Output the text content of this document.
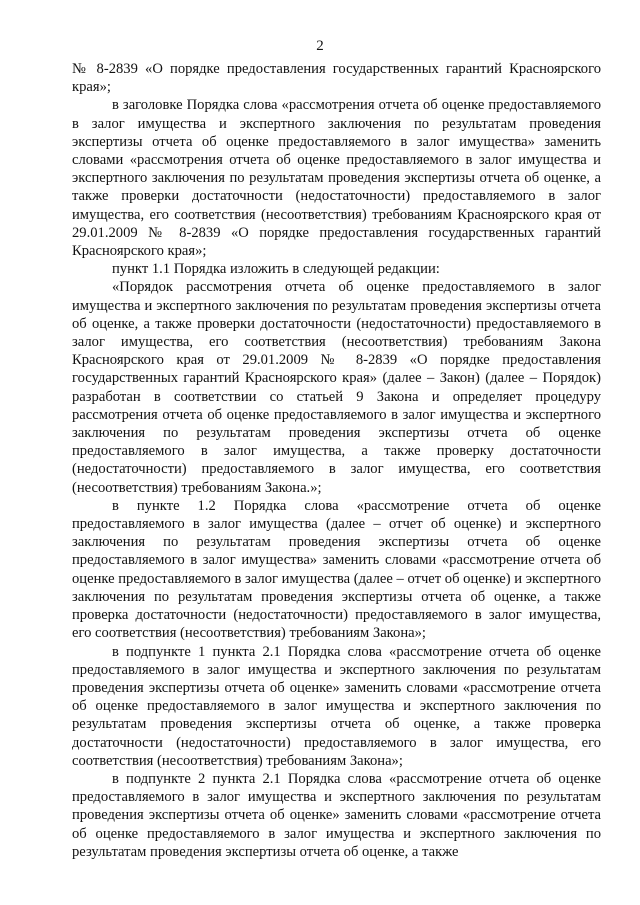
2

№ 8-2839 «О порядке предоставления государственных гарантий Красноярского края»;

в заголовке Порядка слова «рассмотрения отчета об оценке предоставляемого в залог имущества и экспертного заключения по результатам проведения экспертизы отчета об оценке предоставляемого в залог имущества» заменить словами «рассмотрения отчета об оценке предоставляемого в залог имущества и экспертного заключения по результатам проведения экспертизы отчета об оценке, а также проверки достаточности (недостаточности) предоставляемого в залог имущества, его соответствия (несоответствия) требованиям Красноярского края от 29.01.2009 № 8-2839 «О порядке предоставления государственных гарантий Красноярского края»;

пункт 1.1 Порядка изложить в следующей редакции:

«Порядок рассмотрения отчета об оценке предоставляемого в залог имущества и экспертного заключения по результатам проведения экспертизы отчета об оценке, а также проверки достаточности (недостаточности) предоставляемого в залог имущества, его соответствия (несоответствия) требованиям Закона Красноярского края от 29.01.2009 № 8-2839 «О порядке предоставления государственных гарантий Красноярского края» (далее – Закон) (далее – Порядок) разработан в соответствии со статьей 9 Закона и определяет процедуру рассмотрения отчета об оценке предоставляемого в залог имущества и экспертного заключения по результатам проведения экспертизы отчета об оценке предоставляемого в залог имущества, а также проверку достаточности (недостаточности) предоставляемого в залог имущества, его соответствия (несоответствия) требованиям Закона.»;

в пункте 1.2 Порядка слова «рассмотрение отчета об оценке предоставляемого в залог имущества (далее – отчет об оценке) и экспертного заключения по результатам проведения экспертизы отчета об оценке предоставляемого в залог имущества» заменить словами «рассмотрение отчета об оценке предоставляемого в залог имущества (далее – отчет об оценке) и экспертного заключения по результатам проведения экспертизы отчета об оценке, а также проверка достаточности (недостаточности) предоставляемого в залог имущества, его соответствия (несоответствия) требованиям Закона»;

в подпункте 1 пункта 2.1 Порядка слова «рассмотрение отчета об оценке предоставляемого в залог имущества и экспертного заключения по результатам проведения экспертизы отчета об оценке» заменить словами «рассмотрение отчета об оценке предоставляемого в залог имущества и экспертного заключения по результатам проведения экспертизы отчета об оценке, а также проверка достаточности (недостаточности) предоставляемого в залог имущества, его соответствия (несоответствия) требованиям Закона»;

в подпункте 2 пункта 2.1 Порядка слова «рассмотрение отчета об оценке предоставляемого в залог имущества и экспертного заключения по результатам проведения экспертизы отчета об оценке» заменить словами «рассмотрение отчета об оценке предоставляемого в залог имущества и экспертного заключения по результатам проведения экспертизы отчета об оценке, а также
